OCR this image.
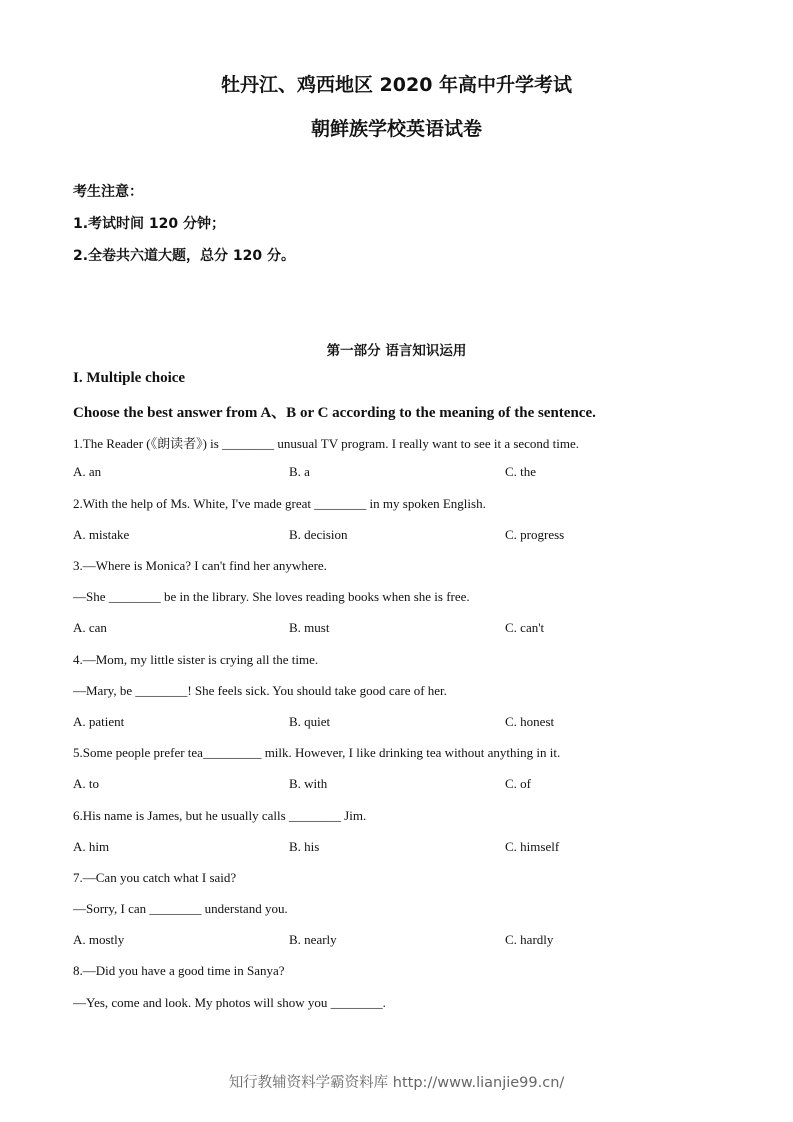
牡丹江、鸡西地区 2020 年高中升学考试
朝鲜族学校英语试卷
考生注意：
1.考试时间 120 分钟；
2.全卷共六道大题，总分 120 分。
第一部分 语言知识运用
I. Multiple choice
Choose the best answer from A、B or C according to the meaning of the sentence.
1.The Reader (《朗读者》) is ________ unusual TV program. I really want to see it a second time.
A. an	B. a	C. the
2.With the help of Ms. White, I've made great ________ in my spoken English.
A. mistake	B. decision	C. progress
3.—Where is Monica? I can't find her anywhere.
—She ________ be in the library. She loves reading books when she is free.
A. can	B. must	C. can't
4.—Mom, my little sister is crying all the time.
—Mary, be ________! She feels sick. You should take good care of her.
A. patient	B. quiet	C. honest
5.Some people prefer tea_________ milk. However, I like drinking tea without anything in it.
A. to	B. with	C. of
6.His name is James, but he usually calls ________ Jim.
A. him	B. his	C. himself
7.—Can you catch what I said?
—Sorry, I can ________ understand you.
A. mostly	B. nearly	C. hardly
8.—Did you have a good time in Sanya?
—Yes, come and look. My photos will show you ________.
知行教辅资料学霸资料库 http://www.lianjie99.cn/
